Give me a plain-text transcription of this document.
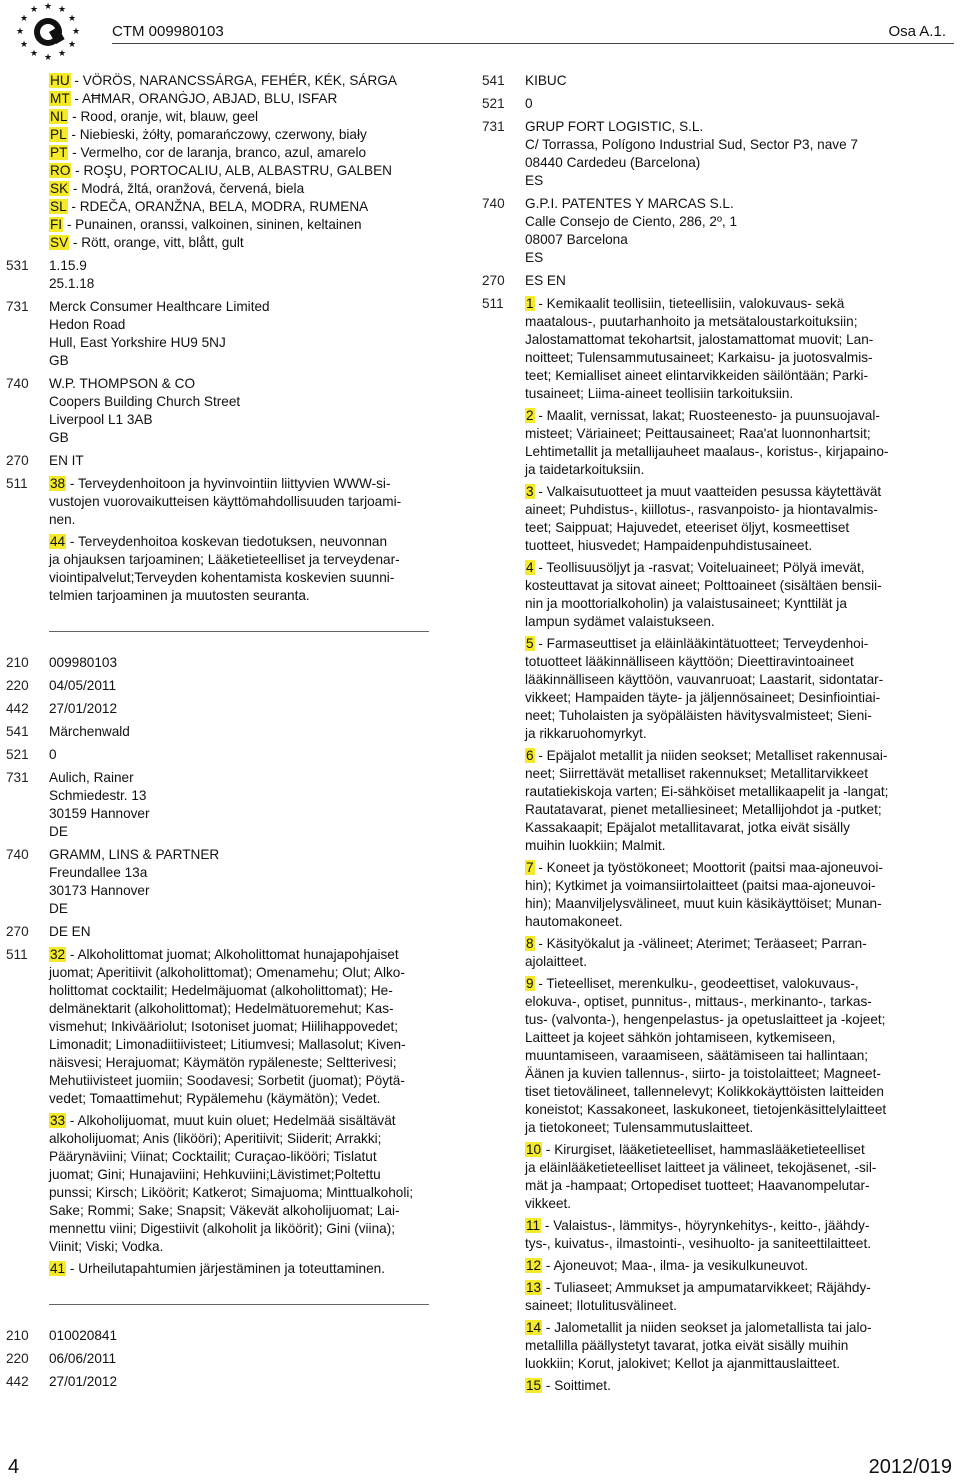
★ ★
★
★
★
★
★
★
★
★
★
★
CTM 009980103	Osa A.1.
HU - VÖRÖS, NARANCSSÁRGA, FEHÉR, KÉK, SÁRGA
MT - AĦMAR, ORANĠJO, ABJAD, BLU, ISFAR
NL - Rood, oranje, wit, blauw, geel
PL - Niebieski, żółty, pomarańczowy, czerwony, biały
PT - Vermelho, cor de laranja, branco, azul, amarelo
RO - ROŞU, PORTOCALIU, ALB, ALBASTRU, GALBEN
SK - Modrá, žltá, oranžová, červená, biela
SL - RDEČA, ORANŽNA, BELA, MODRA, RUMENA
FI - Punainen, oranssi, valkoinen, sininen, keltainen
SV - Rött, orange, vitt, blått, gult
531	1.15.9
25.1.18
731	Merck Consumer Healthcare Limited
Hedon Road
Hull, East Yorkshire HU9 5NJ
GB
740	W.P. THOMPSON & CO
Coopers Building Church Street
Liverpool L1 3AB
GB
270	EN IT
511	38 - Terveydenhoitoon ja hyvinvointiin liittyvien WWW-si-
vustojen vuorovaikutteisen käyttömahdollisuuden tarjoami-
nen.
44 - Terveydenhoitoa koskevan tiedotuksen, neuvonnan
ja ohjauksen tarjoaminen; Lääketieteelliset ja terveydenar-
viointipalvelut;Terveyden kohentamista koskevien suunni-
telmien tarjoaminen ja muutosten seuranta.
210	009980103
220	04/05/2011
442	27/01/2012
541	Märchenwald
521	0
731	Aulich, Rainer
Schmiedestr. 13
30159 Hannover
DE
740	GRAMM, LINS & PARTNER
Freundallee 13a
30173 Hannover
DE
270	DE EN
511	32 - Alkoholittomat juomat; Alkoholittomat hunajapohjaiset
juomat; Aperitiivit (alkoholittomat); Omenamehu; Olut; Alko-
holittomat cocktailit; Hedelmäjuomat (alkoholittomat); He-
delmänektarit (alkoholittomat); Hedelmätuoremehut; Kas-
vismehut; Inkivääriolut; Isotoniset juomat; Hiilihappovedet;
Limonadit; Limonadiitiivisteet; Litiumvesi; Mallasolut; Kiven-
näisvesi; Herajuomat; Käymätön rypäleneste; Seltterivesi;
Mehutiivisteet juomiin; Soodavesi; Sorbetit (juomat); Pöytä-
vedet; Tomaattimehut; Rypälemehu (käymätön); Vedet.
33 - Alkoholijuomat, muut kuin oluet; Hedelmää sisältävät
alkoholijuomat; Anis (likööri); Aperitiivit; Siiderit; Arrakki;
Päärynäviini; Viinat; Cocktailit; Curaçao-likööri; Tislatut
juomat; Gini; Hunajaviini; Hehkuviini;Lävistimet;Poltettu
punssi; Kirsch; Liköörit; Katkerot; Simajuoma; Minttualkoholi;
Sake; Rommi; Sake; Snapsit; Väkevät alkoholijuomat; Lai-
mennettu viini; Digestiivit (alkoholit ja liköörit); Gini (viina);
Viinit; Viski; Vodka.
41 - Urheilutapahtumien järjestäminen ja toteuttaminen.
210	010020841
220	06/06/2011
442	27/01/2012
541	KIBUC
521	0
731	GRUP FORT LOGISTIC, S.L.
C/ Torrassa, Polígono Industrial Sud, Sector P3, nave 7
08440 Cardedeu (Barcelona)
ES
740	G.P.I. PATENTES Y MARCAS S.L.
Calle Consejo de Ciento, 286, 2º, 1
08007 Barcelona
ES
270	ES EN
511	1 - Kemikaalit teollisiin, tieteellisiin, valokuvaus- sekä
maatalous-, puutarhanhoito ja metsätaloustarkoituksiin;
Jalostamattomat tekohartsit, jalostamattomat muovit; Lan-
noitteet; Tulensammutusaineet; Karkaisu- ja juotosvalmis-
teet; Kemialliset aineet elintarvikkeiden säilöntään; Parki-
tusaineet; Liima-aineet teollisiin tarkoituksiin.
2 - Maalit, vernissat, lakat; Ruosteenesto- ja puunsuojaval-
misteet; Väriaineet; Peittausaineet; Raa'at luonnonhartsit;
Lehtimetallit ja metallijauheet maalaus-, koristus-, kirjapaino-
ja taidetarkoituksiin.
3 - Valkaisutuotteet ja muut vaatteiden pesussa käytettävät
aineet; Puhdistus-, kiillotus-, rasvanpoisto- ja hiontavalmis-
teet; Saippuat; Hajuvedet, eteeriset öljyt, kosmeettiset
tuotteet, hiusvedet; Hampaidenpuhdistusaineet.
4 - Teollisuusöljyt ja -rasvat; Voiteluaineet; Pölyä imevät,
kosteuttavat ja sitovat aineet; Polttoaineet (sisältäen bensii-
nin ja moottorialkoholin) ja valaistusaineet; Kynttilät ja
lampun sydämet valaistukseen.
5 - Farmaseuttiset ja eläinlääkintätuotteet; Terveydenhoi-
totuotteet lääkinnälliseen käyttöön; Dieettiravintoaineet
lääkinnälliseen käyttöön, vauvanruoat; Laastarit, sidontatar-
vikkeet; Hampaiden täyte- ja jäljennösaineet; Desinfiointiai-
neet; Tuholaisten ja syöpäläisten hävitysvalmisteet; Sieni-
ja rikkaruohomyrkyt.
6 - Epäjalot metallit ja niiden seokset; Metalliset rakennusai-
neet; Siirrettävät metalliset rakennukset; Metallitarvikkeet
rautatiekiskoja varten; Ei-sähköiset metallikaapelit ja -langat;
Rautatavarat, pienet metalliesineet; Metallijohdot ja -putket;
Kassakaapit; Epäjalot metallitavarat, jotka eivät sisälly
muihin luokkiin; Malmit.
7 - Koneet ja työstökoneet; Moottorit (paitsi maa-ajoneuvoi-
hin); Kytkimet ja voimansiirtolaitteet (paitsi maa-ajoneuvoi-
hin); Maanviljelysvälineet, muut kuin käsikäyttöiset; Munan-
hautomakoneet.
8 - Käsityökalut ja -välineet; Aterimet; Teräaseet; Parran-
ajolaitteet.
9 - Tieteelliset, merenkulku-, geodeettiset, valokuvaus-,
elokuva-, optiset, punnitus-, mittaus-, merkinanto-, tarkas-
tus- (valvonta-), hengenpelastus- ja opetuslaitteet ja -kojeet;
Laitteet ja kojeet sähkön johtamiseen, kytkemiseen,
muuntamiseen, varaamiseen, säätämiseen tai hallintaan;
Äänen ja kuvien tallennus-, siirto- ja toistolaitteet; Magneet-
tiset tietovälineet, tallennelevyt; Kolikkokäyttöisten laitteiden
koneistot; Kassakoneet, laskukoneet, tietojenkäsittelylaitteet
ja tietokoneet; Tulensammutuslaitteet.
10 - Kirurgiset, lääketieteelliset, hammaslääketieteelliset
ja eläinlääketieteelliset laitteet ja välineet, tekojäsenet, -sil-
mät ja -hampaat; Ortopediset tuotteet; Haavanompelutar-
vikkeet.
11 - Valaistus-, lämmitys-, höyrynkehitys-, keitto-, jäähdy-
tys-, kuivatus-, ilmastointi-, vesihuolto- ja saniteettilaitteet.
12 - Ajoneuvot; Maa-, ilma- ja vesikulkuneuvot.
13 - Tuliaseet; Ammukset ja ampumatarvikkeet; Räjähdy-
saineet; Ilotulitusvälineet.
14 - Jalometallit ja niiden seokset ja jalometallista tai jalo-
metallilla päällystetyt tavarat, jotka eivät sisälly muihin
luokkiin; Korut, jalokivet; Kellot ja ajanmittauslaitteet.
15 - Soittimet.
4	2012/019
